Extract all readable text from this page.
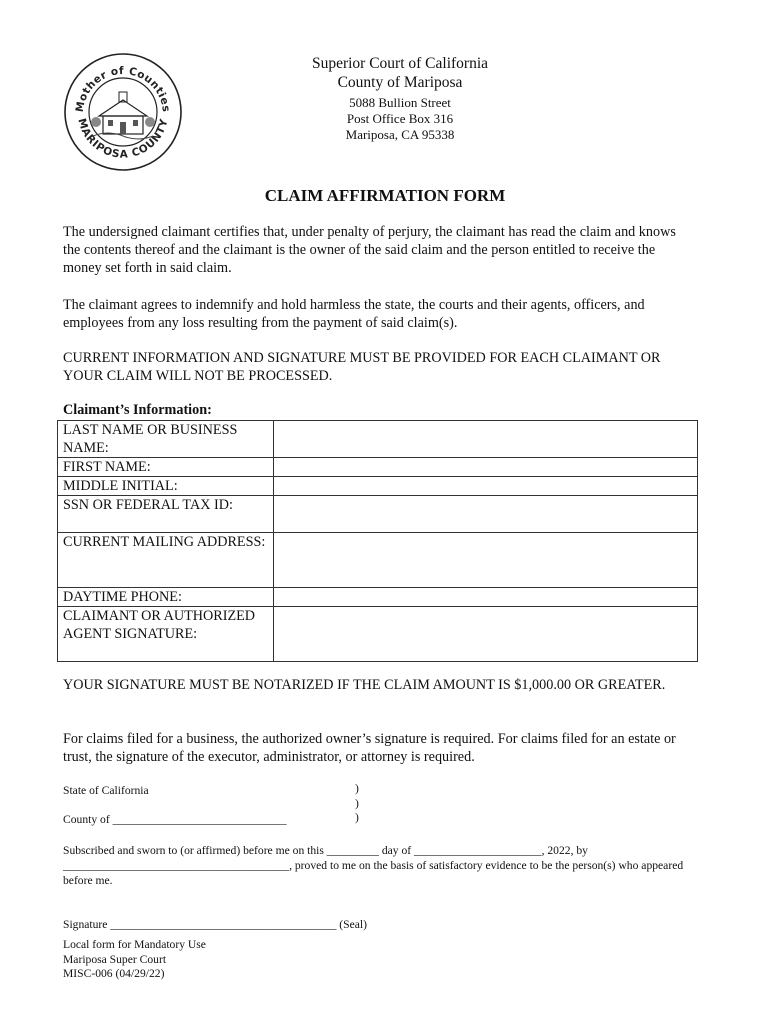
Mother of Counties
MARIPOSA COUNTY
Superior Court of California
County of Mariposa
5088 Bullion Street
Post Office Box 316
Mariposa, CA 95338
CLAIM AFFIRMATION FORM
The undersigned claimant certifies that, under penalty of perjury, the claimant has read the claim and knows the contents thereof and the claimant is the owner of the said claim and the person entitled to receive the money set forth in said claim.
The claimant agrees to indemnify and hold harmless the state, the courts and their agents, officers, and employees from any loss resulting from the payment of said claim(s).
CURRENT INFORMATION AND SIGNATURE MUST BE PROVIDED FOR EACH CLAIMANT OR YOUR CLAIM WILL NOT BE PROCESSED.
Claimant’s Information:
LAST NAME OR BUSINESS NAME:	
FIRST NAME:	
MIDDLE INITIAL:	
SSN OR FEDERAL TAX ID:	
CURRENT MAILING ADDRESS:	
DAYTIME PHONE:	
CLAIMANT OR AUTHORIZED AGENT SIGNATURE:	
YOUR SIGNATURE MUST BE NOTARIZED IF THE CLAIM AMOUNT IS $1,000.00 OR GREATER.
For claims filed for a business, the authorized owner’s signature is required. For claims filed for an estate or trust, the signature of the executor, administrator, or attorney is required.
State of California
County of ______________________________
)
)
)
Subscribed and sworn to (or affirmed) before me on this _________ day of ______________________, 2022, by _______________________________________, proved to me on the basis of satisfactory evidence to be the person(s) who appeared before me.
Signature _______________________________________ (Seal)
Local form for Mandatory Use
Mariposa Super Court
MISC-006 (04/29/22)
